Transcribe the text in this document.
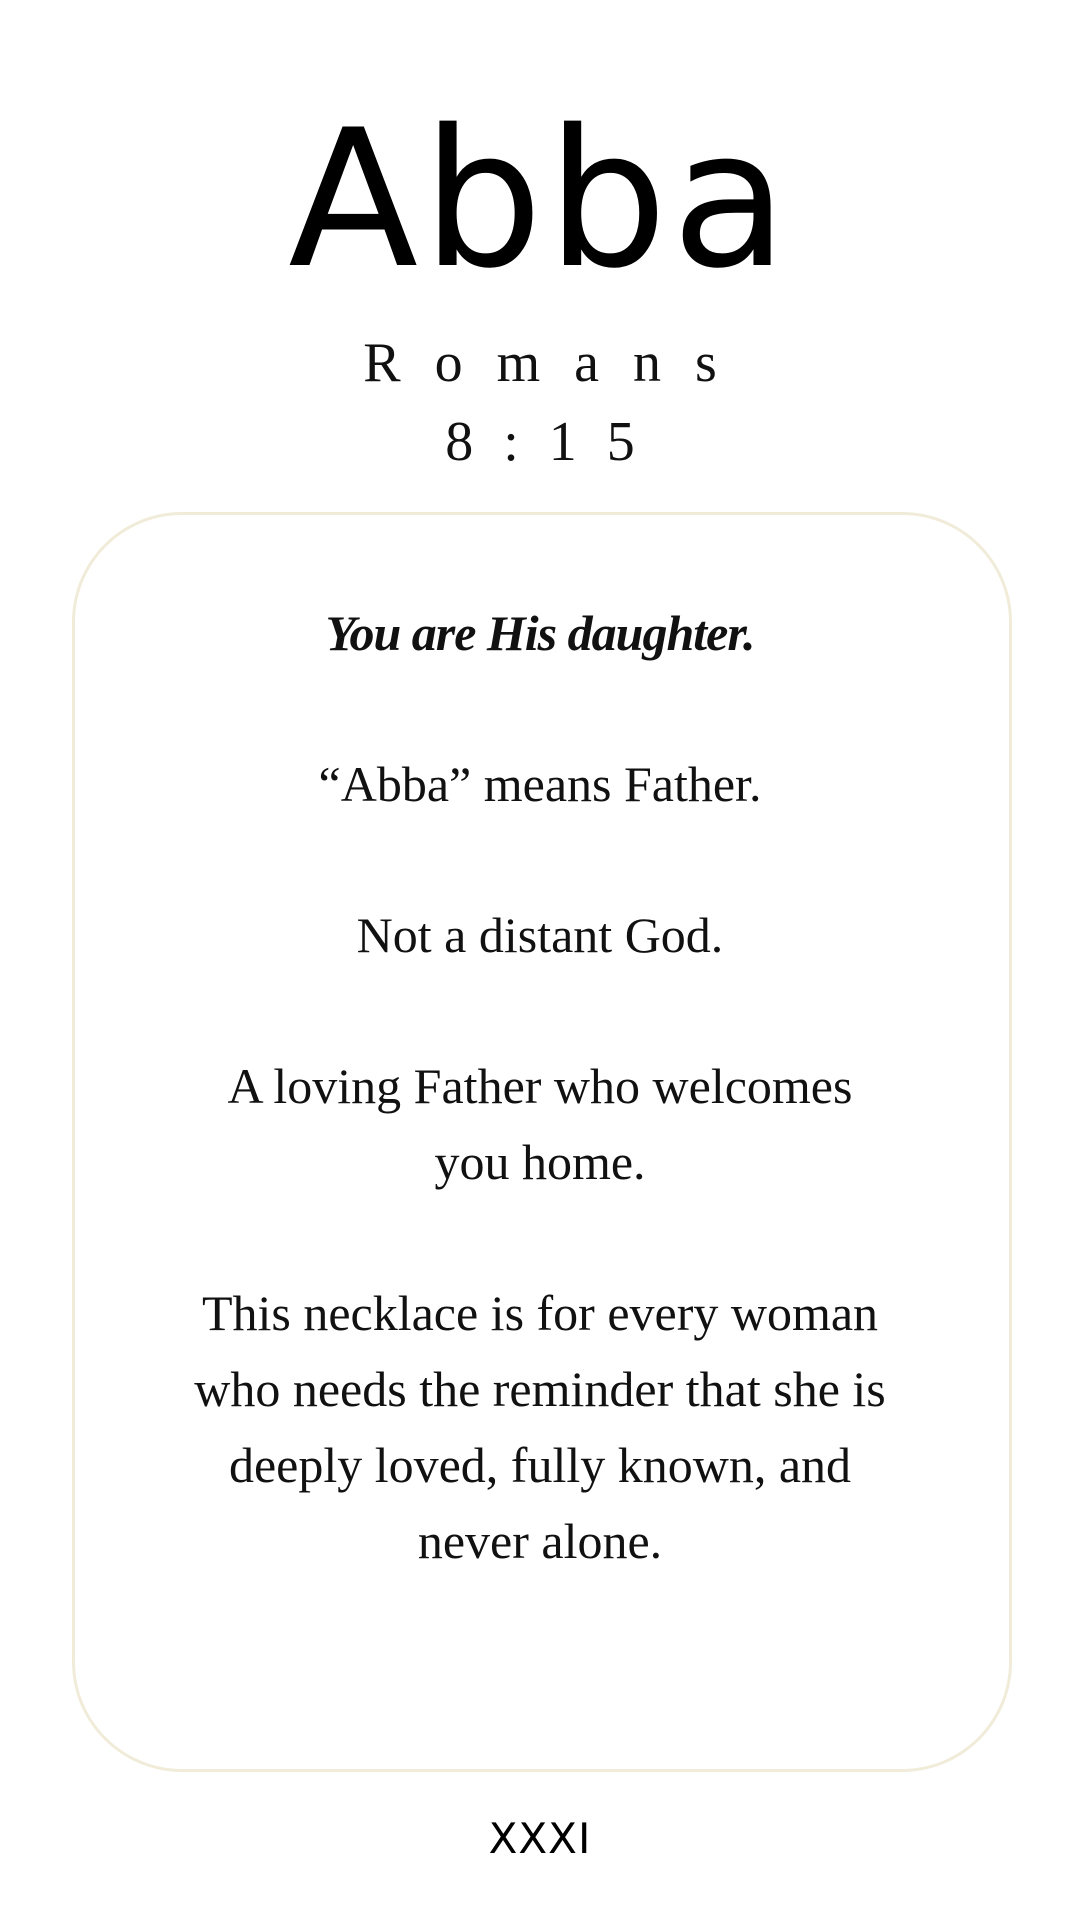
Abba
Romans
8:15
You are His daughter.
“Abba” means Father.
Not a distant God.
A loving Father who welcomes you home.
This necklace is for every woman who needs the reminder that she is deeply loved, fully known, and never alone.
XXXI
